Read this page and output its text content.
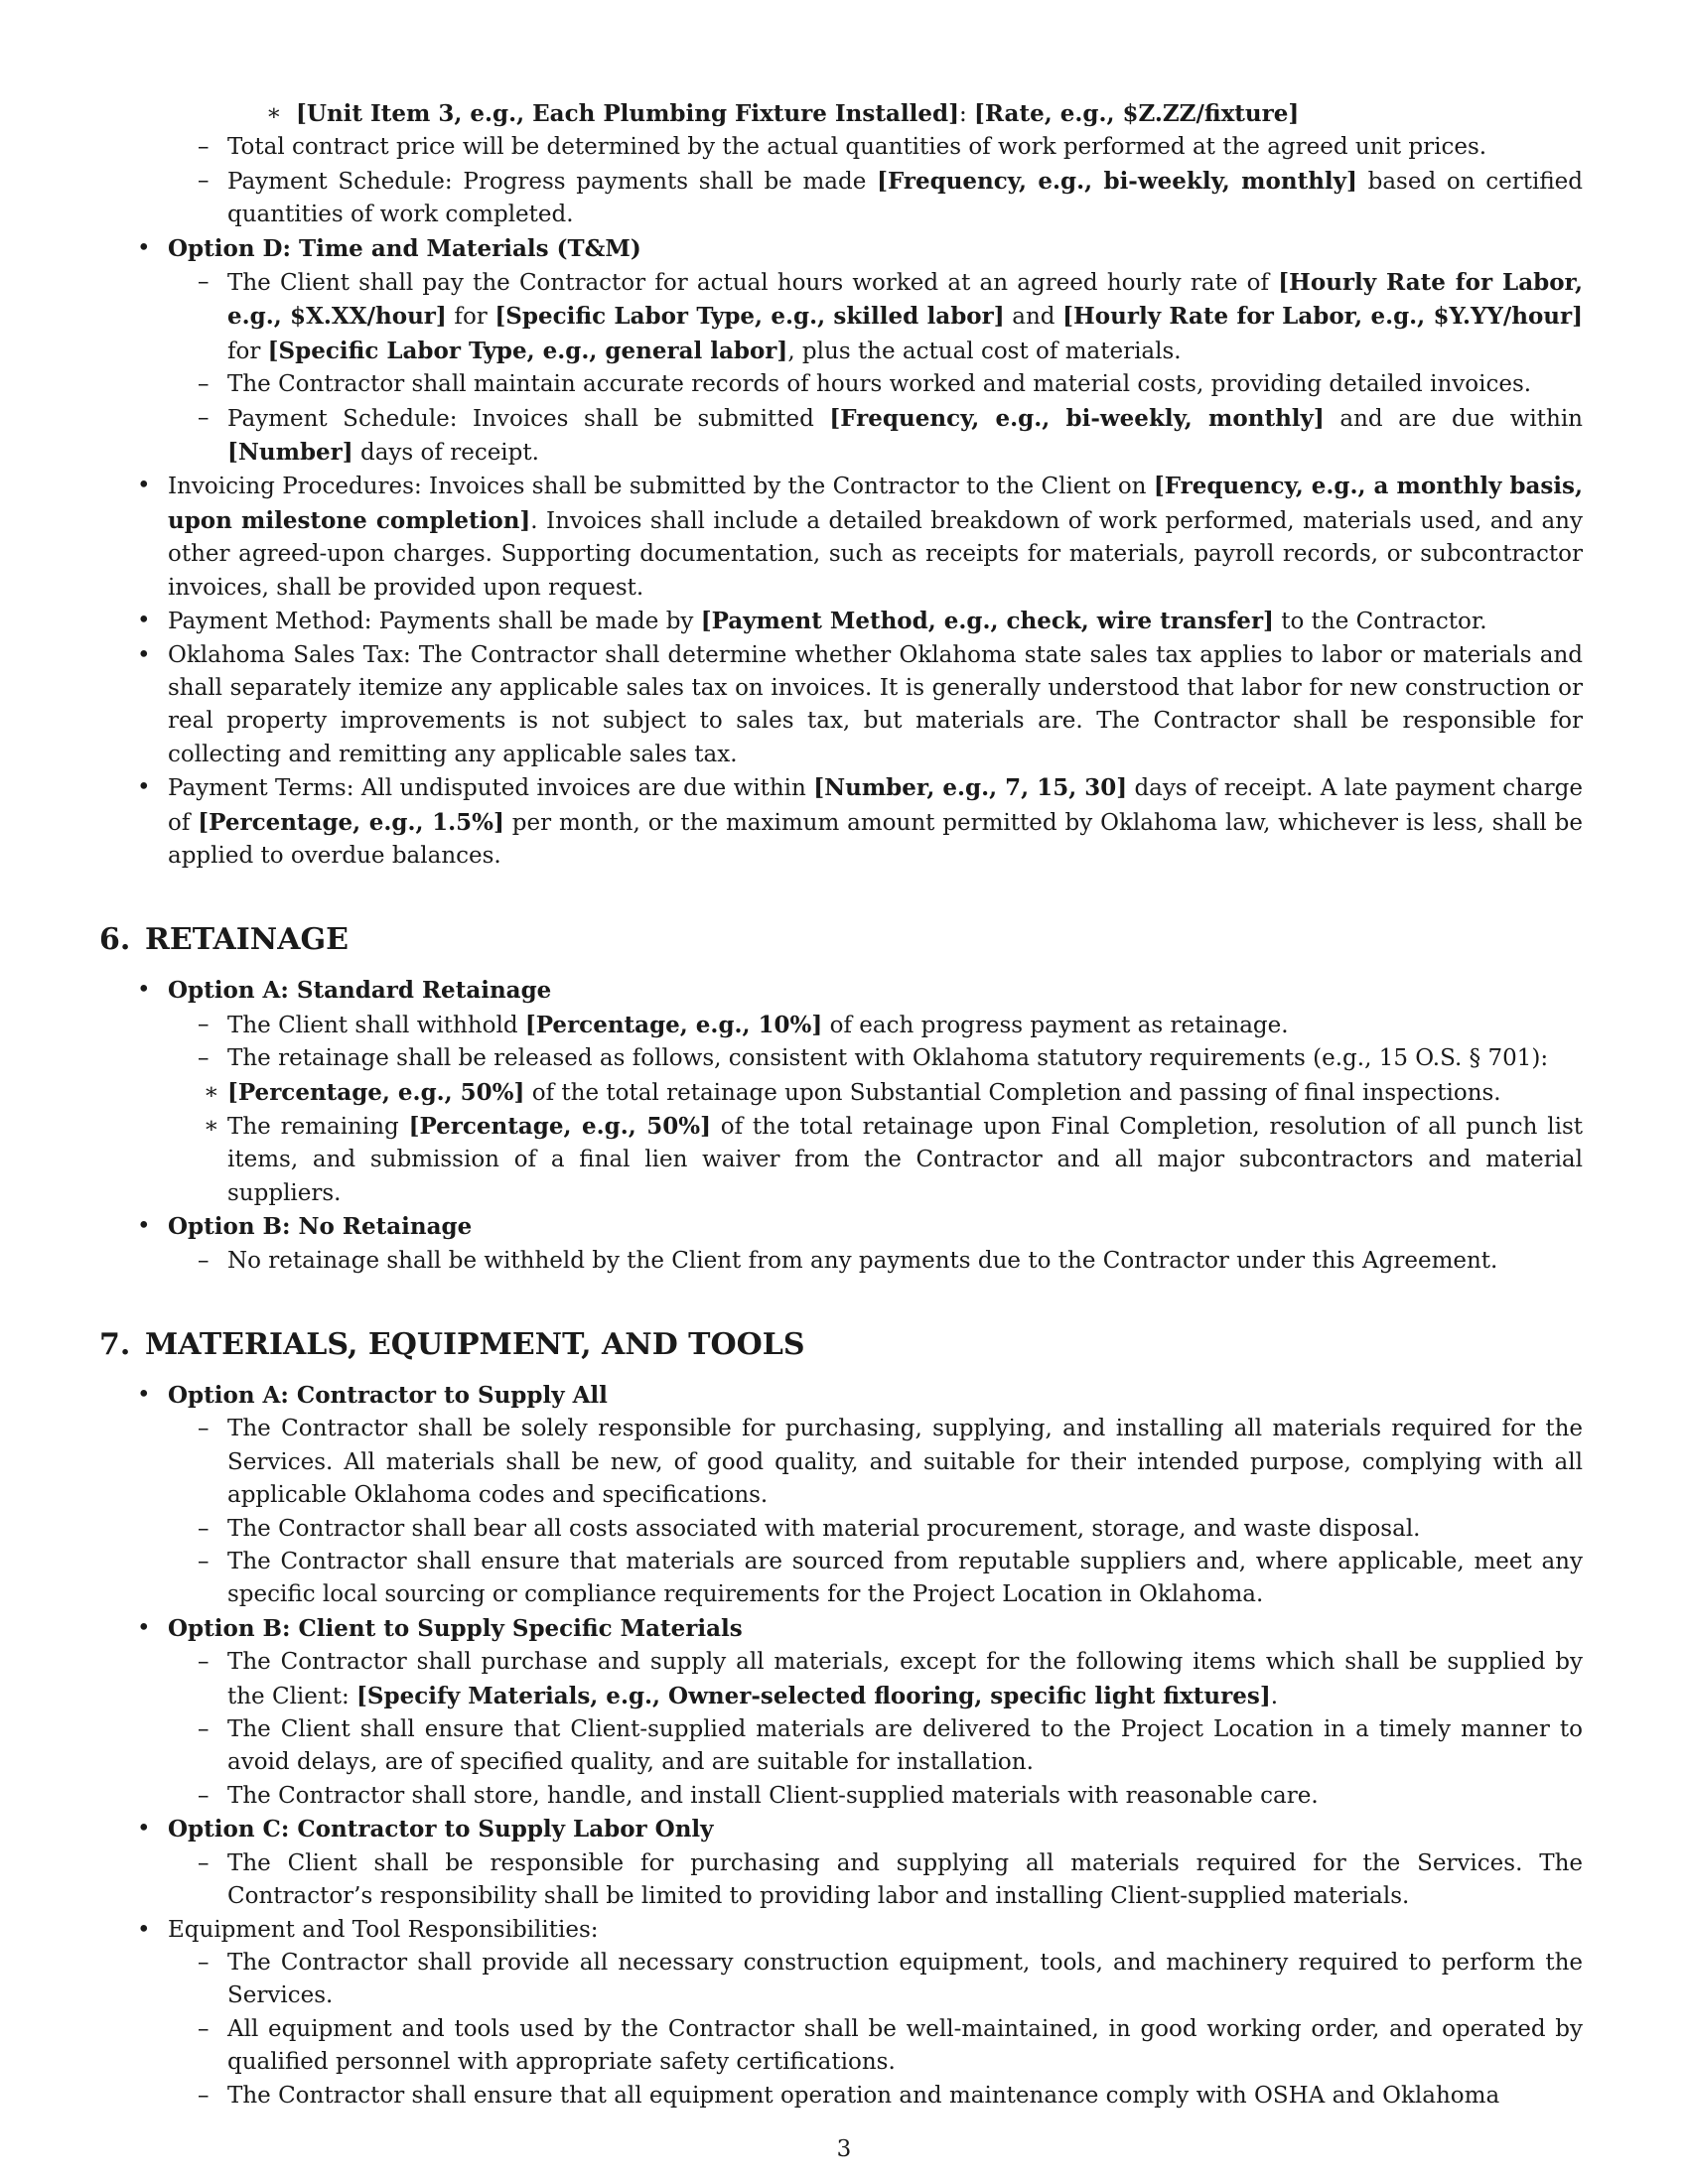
∗ [Unit Item 3, e.g., Each Plumbing Fixture Installed]: [Rate, e.g., $Z.ZZ/fixture]
– Total contract price will be determined by the actual quantities of work performed at the agreed unit prices.
– Payment Schedule: Progress payments shall be made [Frequency, e.g., bi-weekly, monthly] based on certified quantities of work completed.
• Option D: Time and Materials (T&M)
– The Client shall pay the Contractor for actual hours worked at an agreed hourly rate of [Hourly Rate for Labor, e.g., $X.XX/hour] for [Specific Labor Type, e.g., skilled labor] and [Hourly Rate for Labor, e.g., $Y.YY/hour] for [Specific Labor Type, e.g., general labor], plus the actual cost of materials.
– The Contractor shall maintain accurate records of hours worked and material costs, providing detailed invoices.
– Payment Schedule: Invoices shall be submitted [Frequency, e.g., bi-weekly, monthly] and are due within [Number] days of receipt.
• Invoicing Procedures: Invoices shall be submitted by the Contractor to the Client on [Frequency, e.g., a monthly basis, upon milestone completion]. Invoices shall include a detailed breakdown of work performed, materials used, and any other agreed-upon charges. Supporting documentation, such as receipts for materials, payroll records, or subcontractor invoices, shall be provided upon request.
• Payment Method: Payments shall be made by [Payment Method, e.g., check, wire transfer] to the Contractor.
• Oklahoma Sales Tax: The Contractor shall determine whether Oklahoma state sales tax applies to labor or materials and shall separately itemize any applicable sales tax on invoices. It is generally understood that labor for new construction or real property improvements is not subject to sales tax, but materials are. The Contractor shall be responsible for collecting and remitting any applicable sales tax.
• Payment Terms: All undisputed invoices are due within [Number, e.g., 7, 15, 30] days of receipt. A late payment charge of [Percentage, e.g., 1.5%] per month, or the maximum amount permitted by Oklahoma law, whichever is less, shall be applied to overdue balances.
6. RETAINAGE
• Option A: Standard Retainage
– The Client shall withhold [Percentage, e.g., 10%] of each progress payment as retainage.
– The retainage shall be released as follows, consistent with Oklahoma statutory requirements (e.g., 15 O.S. § 701):
∗ [Percentage, e.g., 50%] of the total retainage upon Substantial Completion and passing of final inspections.
∗ The remaining [Percentage, e.g., 50%] of the total retainage upon Final Completion, resolution of all punch list items, and submission of a final lien waiver from the Contractor and all major subcontractors and material suppliers.
• Option B: No Retainage
– No retainage shall be withheld by the Client from any payments due to the Contractor under this Agreement.
7. MATERIALS, EQUIPMENT, AND TOOLS
• Option A: Contractor to Supply All
– The Contractor shall be solely responsible for purchasing, supplying, and installing all materials required for the Services. All materials shall be new, of good quality, and suitable for their intended purpose, complying with all applicable Oklahoma codes and specifications.
– The Contractor shall bear all costs associated with material procurement, storage, and waste disposal.
– The Contractor shall ensure that materials are sourced from reputable suppliers and, where applicable, meet any specific local sourcing or compliance requirements for the Project Location in Oklahoma.
• Option B: Client to Supply Specific Materials
– The Contractor shall purchase and supply all materials, except for the following items which shall be supplied by the Client: [Specify Materials, e.g., Owner-selected flooring, specific light fixtures].
– The Client shall ensure that Client-supplied materials are delivered to the Project Location in a timely manner to avoid delays, are of specified quality, and are suitable for installation.
– The Contractor shall store, handle, and install Client-supplied materials with reasonable care.
• Option C: Contractor to Supply Labor Only
– The Client shall be responsible for purchasing and supplying all materials required for the Services. The Contractor’s responsibility shall be limited to providing labor and installing Client-supplied materials.
• Equipment and Tool Responsibilities:
– The Contractor shall provide all necessary construction equipment, tools, and machinery required to perform the Services.
– All equipment and tools used by the Contractor shall be well-maintained, in good working order, and operated by qualified personnel with appropriate safety certifications.
– The Contractor shall ensure that all equipment operation and maintenance comply with OSHA and Oklahoma
3
